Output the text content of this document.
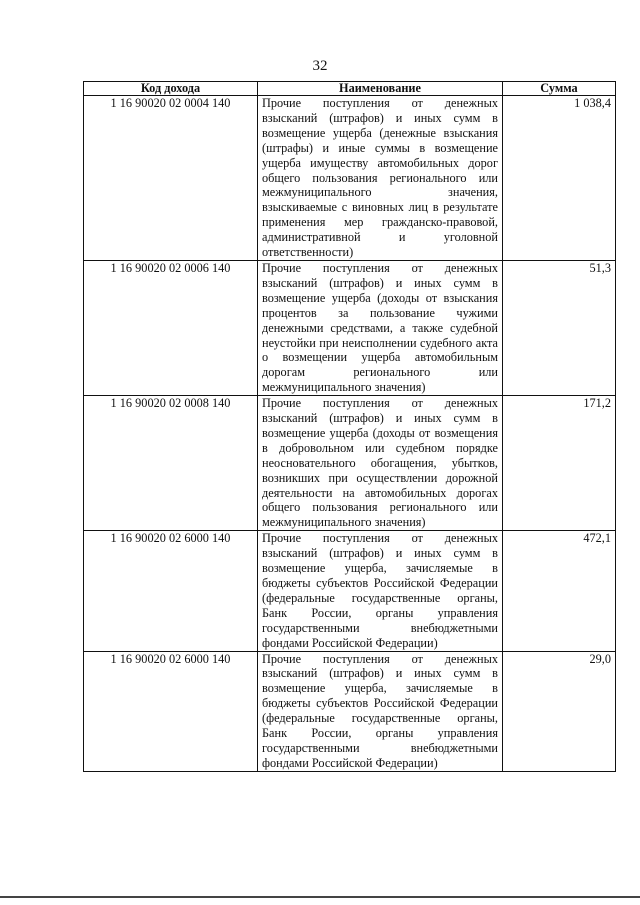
32
Код дохода	Наименование	Сумма
1 16 90020 02 0004 140	Прочие поступления от денежных взысканий (штрафов) и иных сумм в возмещение ущерба (денежные взыскания (штрафы) и иные суммы в возмещение ущерба имуществу автомобильных дорог общего пользования регионального или межмуниципального значения, взыскиваемые с виновных лиц в результате применения мер гражданско-правовой, административной и уголовной ответственности)	1 038,4
1 16 90020 02 0006 140	Прочие поступления от денежных взысканий (штрафов) и иных сумм в возмещение ущерба (доходы от взыскания процентов за пользование чужими денежными средствами, а также судебной неустойки при неисполнении судебного акта о возмещении ущерба автомобильным дорогам регионального или межмуниципального значения)	51,3
1 16 90020 02 0008 140	Прочие поступления от денежных взысканий (штрафов) и иных сумм в возмещение ущерба (доходы от возмещения в добровольном или судебном порядке неосновательного обогащения, убытков, возникших при осуществлении дорожной деятельности на автомобильных дорогах общего пользования регионального или межмуниципального значения)	171,2
1 16 90020 02 6000 140	Прочие поступления от денежных взысканий (штрафов) и иных сумм в возмещение ущерба, зачисляемые в бюджеты субъектов Российской Федерации (федеральные государственные органы, Банк России, органы управления государственными внебюджетными фондами Российской Федерации)	472,1
1 16 90020 02 6000 140	Прочие поступления от денежных взысканий (штрафов) и иных сумм в возмещение ущерба, зачисляемые в бюджеты субъектов Российской Федерации (федеральные государственные органы, Банк России, органы управления государственными внебюджетными фондами Российской Федерации)	29,0
